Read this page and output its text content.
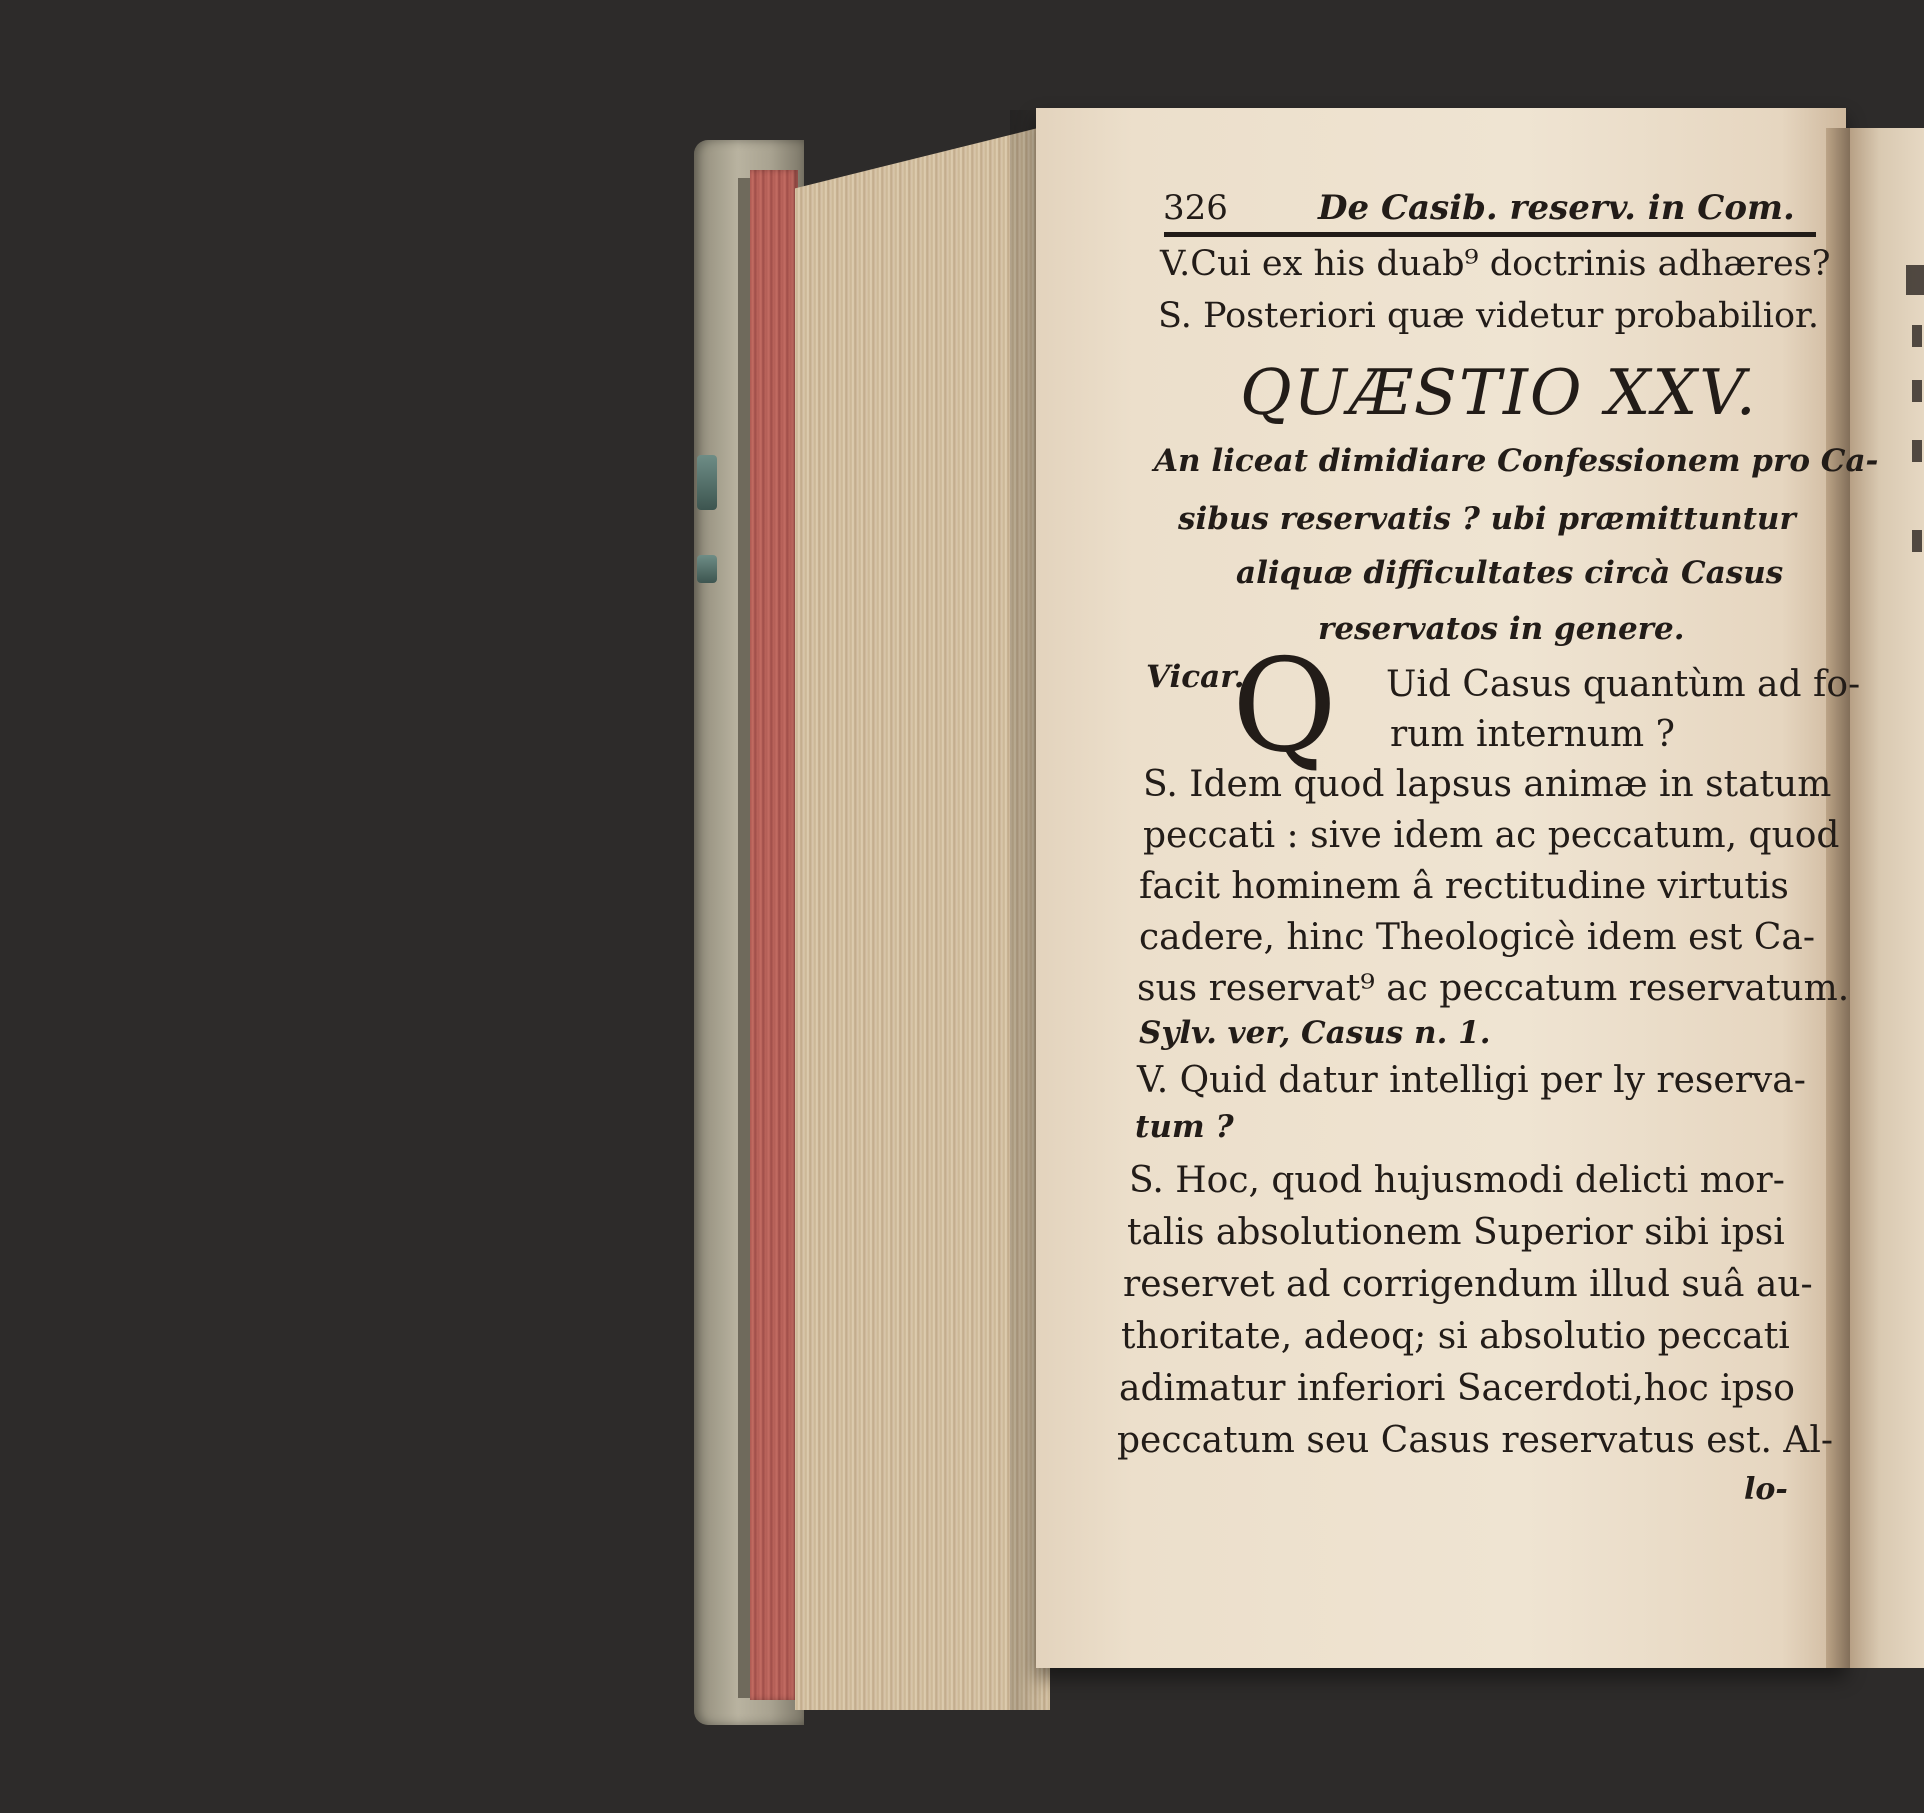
326	De Casib. reserv. in Com.
V.Cui ex his duab⁹ doctrinis adhæres?
S. Posteriori quæ videtur probabilior.
QUÆSTIO XXV.
An liceat dimidiare Confessionem pro Ca-
sibus reservatis ? ubi præmittuntur
aliquæ difficultates circà Casus
reservatos in genere.
Vicar.
Q	Uid Casus quantùm ad fo-
rum internum ?
S. Idem quod lapsus animæ in statum
peccati : sive idem ac peccatum, quod
facit hominem â rectitudine virtutis
cadere, hinc Theologicè idem est Ca-
sus reservat⁹ ac peccatum reservatum.
Sylv. ver, Casus n. 1.
V. Quid datur intelligi per ly reserva-
tum ?
S. Hoc, quod hujusmodi delicti mor-
talis absolutionem Superior sibi ipsi
reservet ad corrigendum illud suâ au-
thoritate, adeoq; si absolutio peccati
adimatur inferiori Sacerdoti,hoc ipso
peccatum seu Casus reservatus est. Al-
lo-
